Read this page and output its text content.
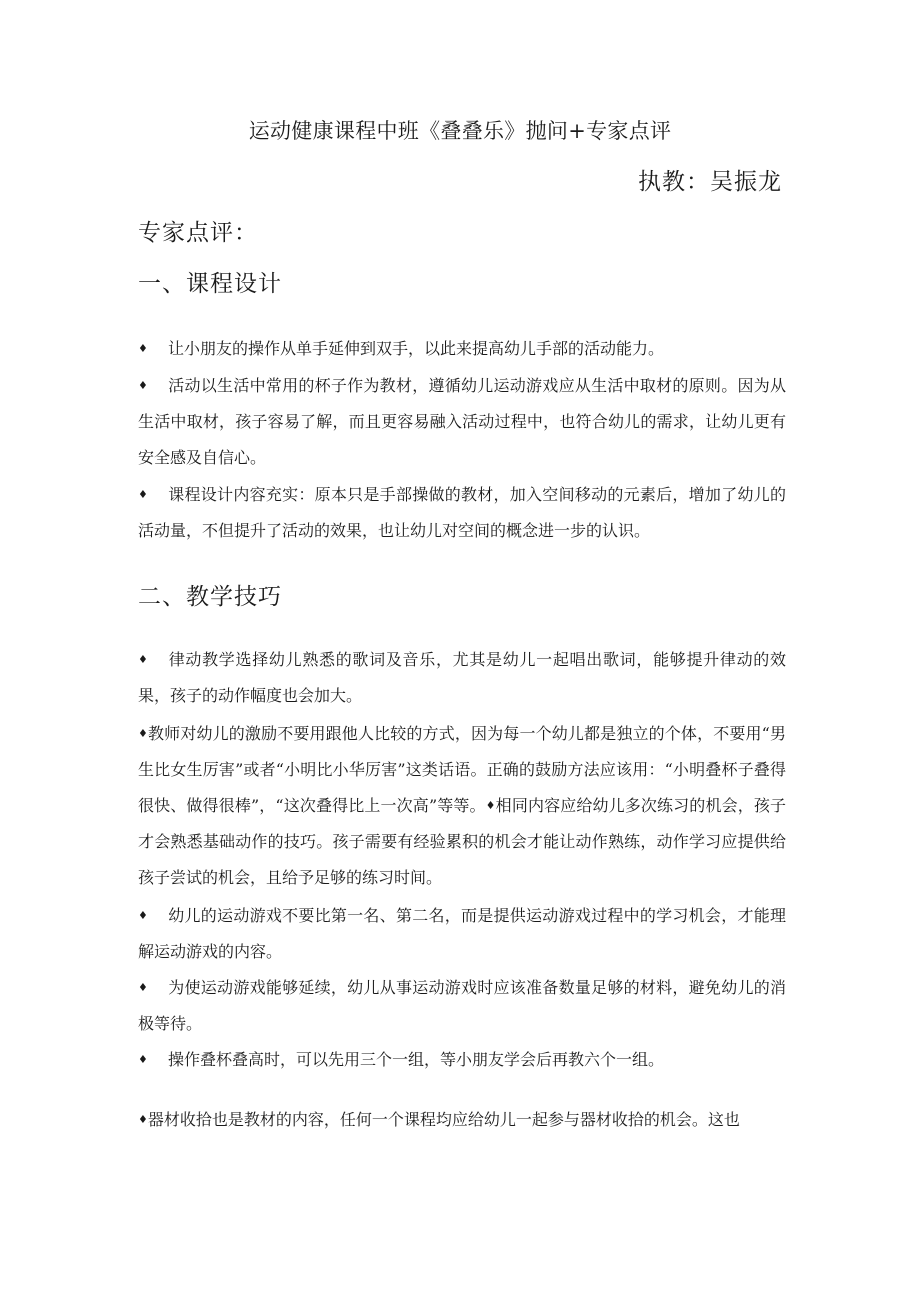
运动健康课程中班《叠叠乐》抛问+专家点评
执教：吴振龙
专家点评：
一、课程设计

♦ 让小朋友的操作从单手延伸到双手，以此来提高幼儿手部的活动能力。

♦ 活动以生活中常用的杯子作为教材，遵循幼儿运动游戏应从生活中取材的原则。因为从生活中取材，孩子容易了解，而且更容易融入活动过程中，也符合幼儿的需求，让幼儿更有安全感及自信心。

♦ 课程设计内容充实：原本只是手部操做的教材，加入空间移动的元素后，增加了幼儿的活动量，不但提升了活动的效果，也让幼儿对空间的概念进一步的认识。

二、教学技巧

♦ 律动教学选择幼儿熟悉的歌词及音乐，尤其是幼儿一起唱出歌词，能够提升律动的效果，孩子的动作幅度也会加大。

♦教师对幼儿的激励不要用跟他人比较的方式，因为每一个幼儿都是独立的个体，不要用“男生比女生厉害”或者“小明比小华厉害”这类话语。正确的鼓励方法应该用：“小明叠杯子叠得很快、做得很棒”，“这次叠得比上一次高”等等。♦相同内容应给幼儿多次练习的机会，孩子才会熟悉基础动作的技巧。孩子需要有经验累积的机会才能让动作熟练，动作学习应提供给孩子尝试的机会，且给予足够的练习时间。

♦ 幼儿的运动游戏不要比第一名、第二名，而是提供运动游戏过程中的学习机会，才能理解运动游戏的内容。

♦ 为使运动游戏能够延续，幼儿从事运动游戏时应该准备数量足够的材料，避免幼儿的消极等待。

♦ 操作叠杯叠高时，可以先用三个一组，等小朋友学会后再教六个一组。

♦器材收拾也是教材的内容，任何一个课程均应给幼儿一起参与器材收拾的机会。这也
